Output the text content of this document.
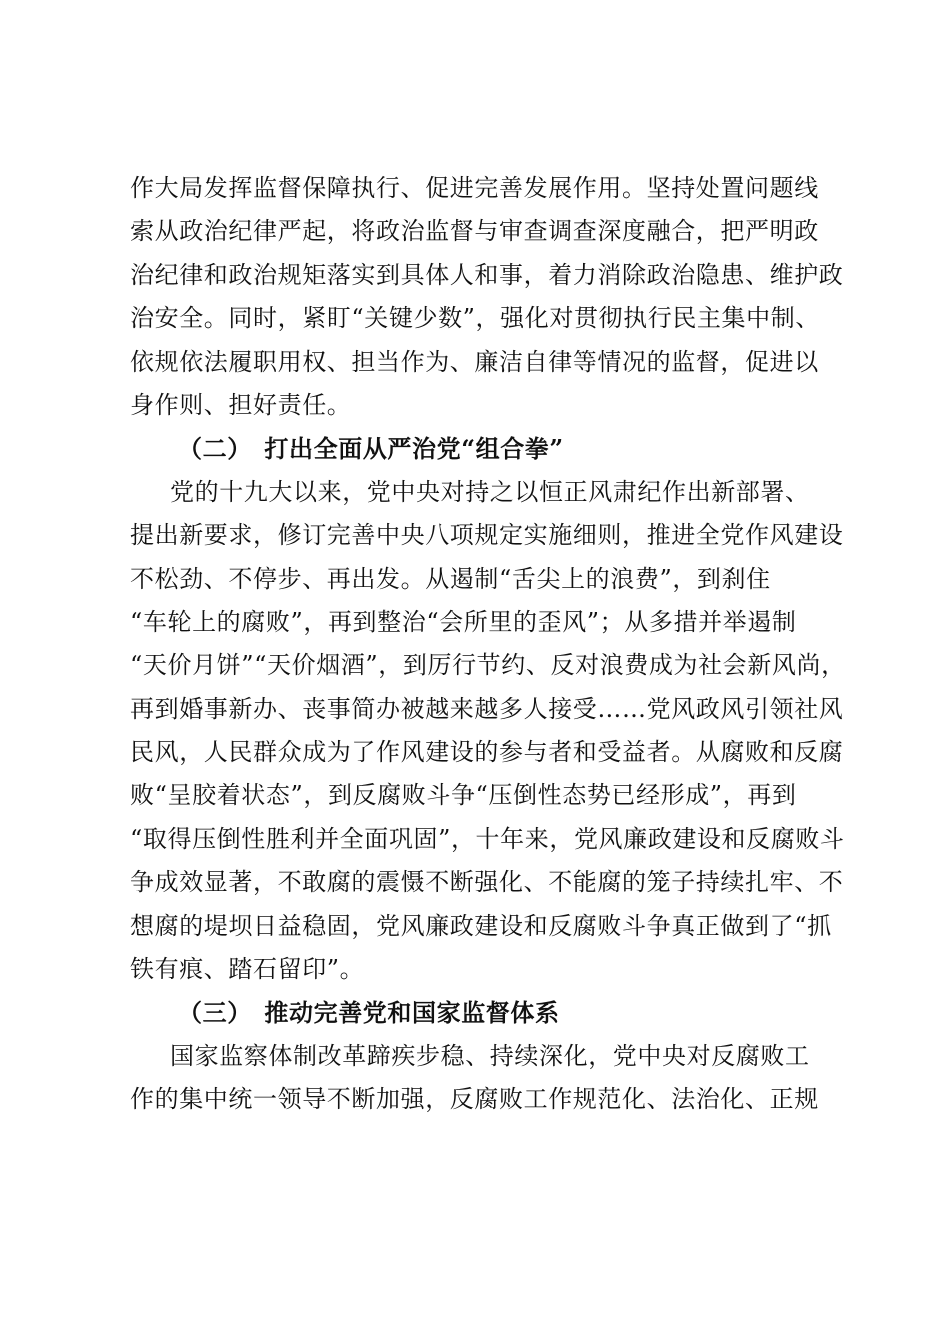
作大局发挥监督保障执行、促进完善发展作用。坚持处置问题线
索从政治纪律严起，将政治监督与审查调查深度融合，把严明政
治纪律和政治规矩落实到具体人和事，着力消除政治隐患、维护政
治安全。同时，紧盯“关键少数”，强化对贯彻执行民主集中制、
依规依法履职用权、担当作为、廉洁自律等情况的监督，促进以
身作则、担好责任。
（二）　打出全面从严治党“组合拳”
党的十九大以来，党中央对持之以恒正风肃纪作出新部署、
提出新要求，修订完善中央八项规定实施细则，推进全党作风建设
不松劲、不停步、再出发。从遏制“舌尖上的浪费”，到刹住
“车轮上的腐败”，再到整治“会所里的歪风”；从多措并举遏制
“天价月饼”“天价烟酒”，到厉行节约、反对浪费成为社会新风尚，
再到婚事新办、丧事简办被越来越多人接受……党风政风引领社风
民风，人民群众成为了作风建设的参与者和受益者。从腐败和反腐
败“呈胶着状态”，到反腐败斗争“压倒性态势已经形成”，再到
“取得压倒性胜利并全面巩固”，十年来，党风廉政建设和反腐败斗
争成效显著，不敢腐的震慑不断强化、不能腐的笼子持续扎牢、不
想腐的堤坝日益稳固，党风廉政建设和反腐败斗争真正做到了“抓
铁有痕、踏石留印”。
（三）　推动完善党和国家监督体系
国家监察体制改革蹄疾步稳、持续深化，党中央对反腐败工
作的集中统一领导不断加强，反腐败工作规范化、法治化、正规
